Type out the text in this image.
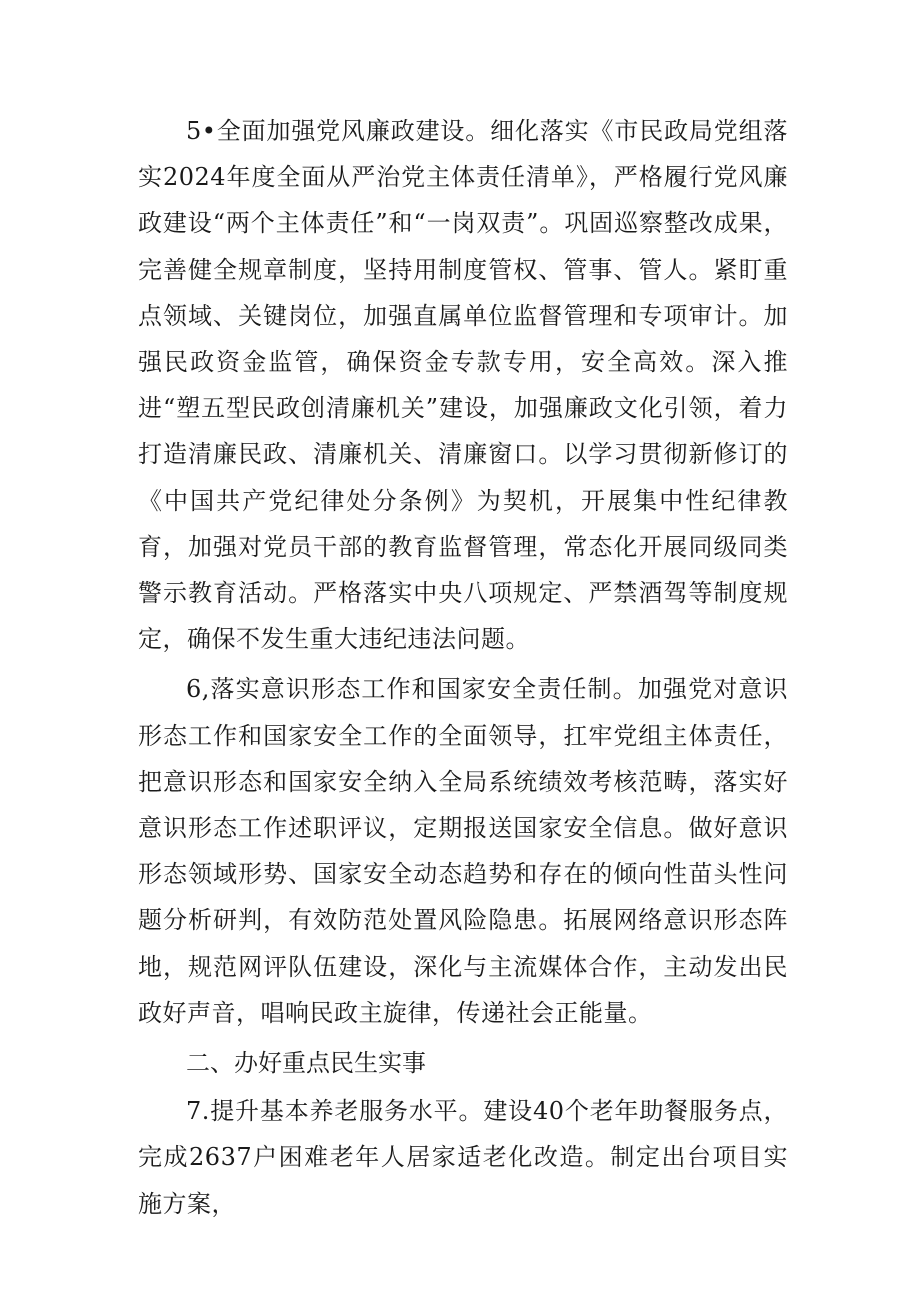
5•全面加强党风廉政建设。细化落实《市民政局党组落实2024年度全面从严治党主体责任清单》，严格履行党风廉政建设“两个主体责任”和“一岗双责”。巩固巡察整改成果，完善健全规章制度，坚持用制度管权、管事、管人。紧盯重点领域、关键岗位，加强直属单位监督管理和专项审计。加强民政资金监管，确保资金专款专用，安全高效。深入推进“塑五型民政创清廉机关”建设，加强廉政文化引领，着力打造清廉民政、清廉机关、清廉窗口。以学习贯彻新修订的《中国共产党纪律处分条例》为契机，开展集中性纪律教育，加强对党员干部的教育监督管理，常态化开展同级同类警示教育活动。严格落实中央八项规定、严禁酒驾等制度规定，确保不发生重大违纪违法问题。

6,落实意识形态工作和国家安全责任制。加强党对意识形态工作和国家安全工作的全面领导，扛牢党组主体责任，把意识形态和国家安全纳入全局系统绩效考核范畴，落实好意识形态工作述职评议，定期报送国家安全信息。做好意识形态领域形势、国家安全动态趋势和存在的倾向性苗头性问题分析研判，有效防范处置风险隐患。拓展网络意识形态阵地，规范网评队伍建设，深化与主流媒体合作，主动发出民政好声音，唱响民政主旋律，传递社会正能量。

二、办好重点民生实事

7.提升基本养老服务水平。建设40个老年助餐服务点，完成2637户困难老年人居家适老化改造。制定出台项目实施方案，
